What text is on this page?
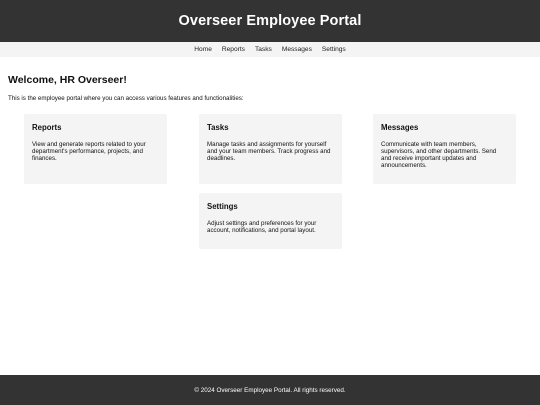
Overseer Employee Portal
Home Reports Tasks Messages Settings
Welcome, HR Overseer!

This is the employee portal where you can access various features and functionalities:

Reports

View and generate reports related to your department's performance, projects, and finances.

Tasks

Manage tasks and assignments for yourself and your team members. Track progress and deadlines.

Messages

Communicate with team members, supervisors, and other departments. Send and receive important updates and announcements.

Settings

Adjust settings and preferences for your account, notifications, and portal layout.

© 2024 Overseer Employee Portal. All rights reserved.
